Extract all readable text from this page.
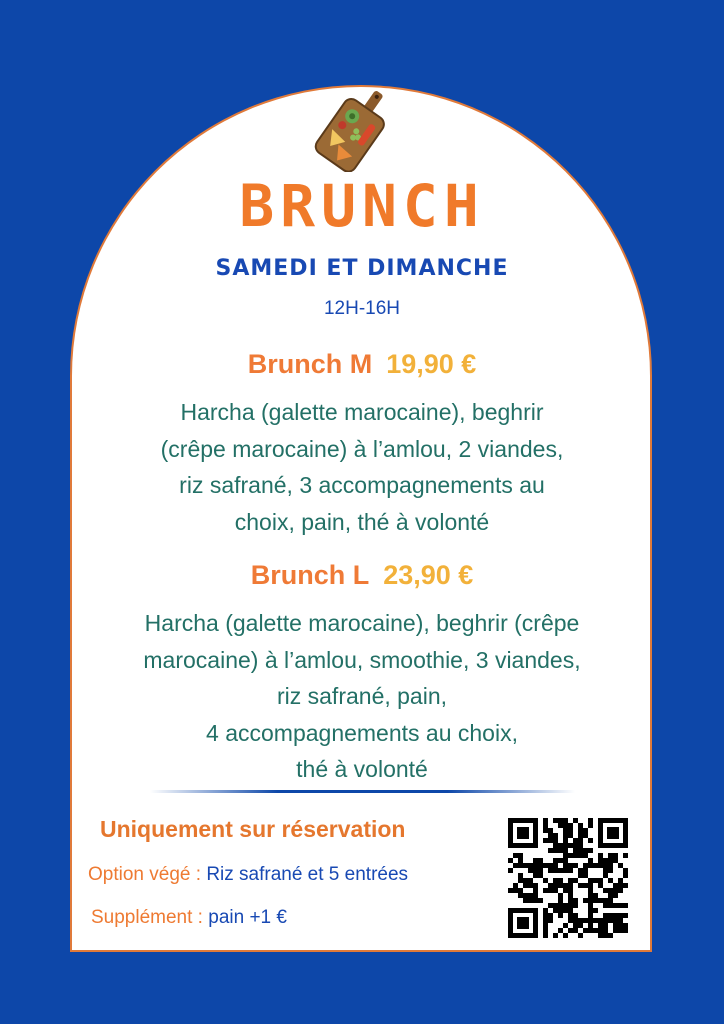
BRUNCH
SAMEDI ET DIMANCHE
12H-16H
Brunch M 19,90 €
Harcha (galette marocaine), beghrir
(crêpe marocaine) à l’amlou, 2 viandes,
riz safrané, 3 accompagnements au
choix, pain, thé à volonté
Brunch L 23,90 €
Harcha (galette marocaine), beghrir (crêpe
marocaine) à l’amlou, smoothie, 3 viandes,
riz safrané, pain,
4 accompagnements au choix,
thé à volonté
Uniquement sur réservation
Option végé : Riz safrané et 5 entrées
Supplément : pain +1 €
